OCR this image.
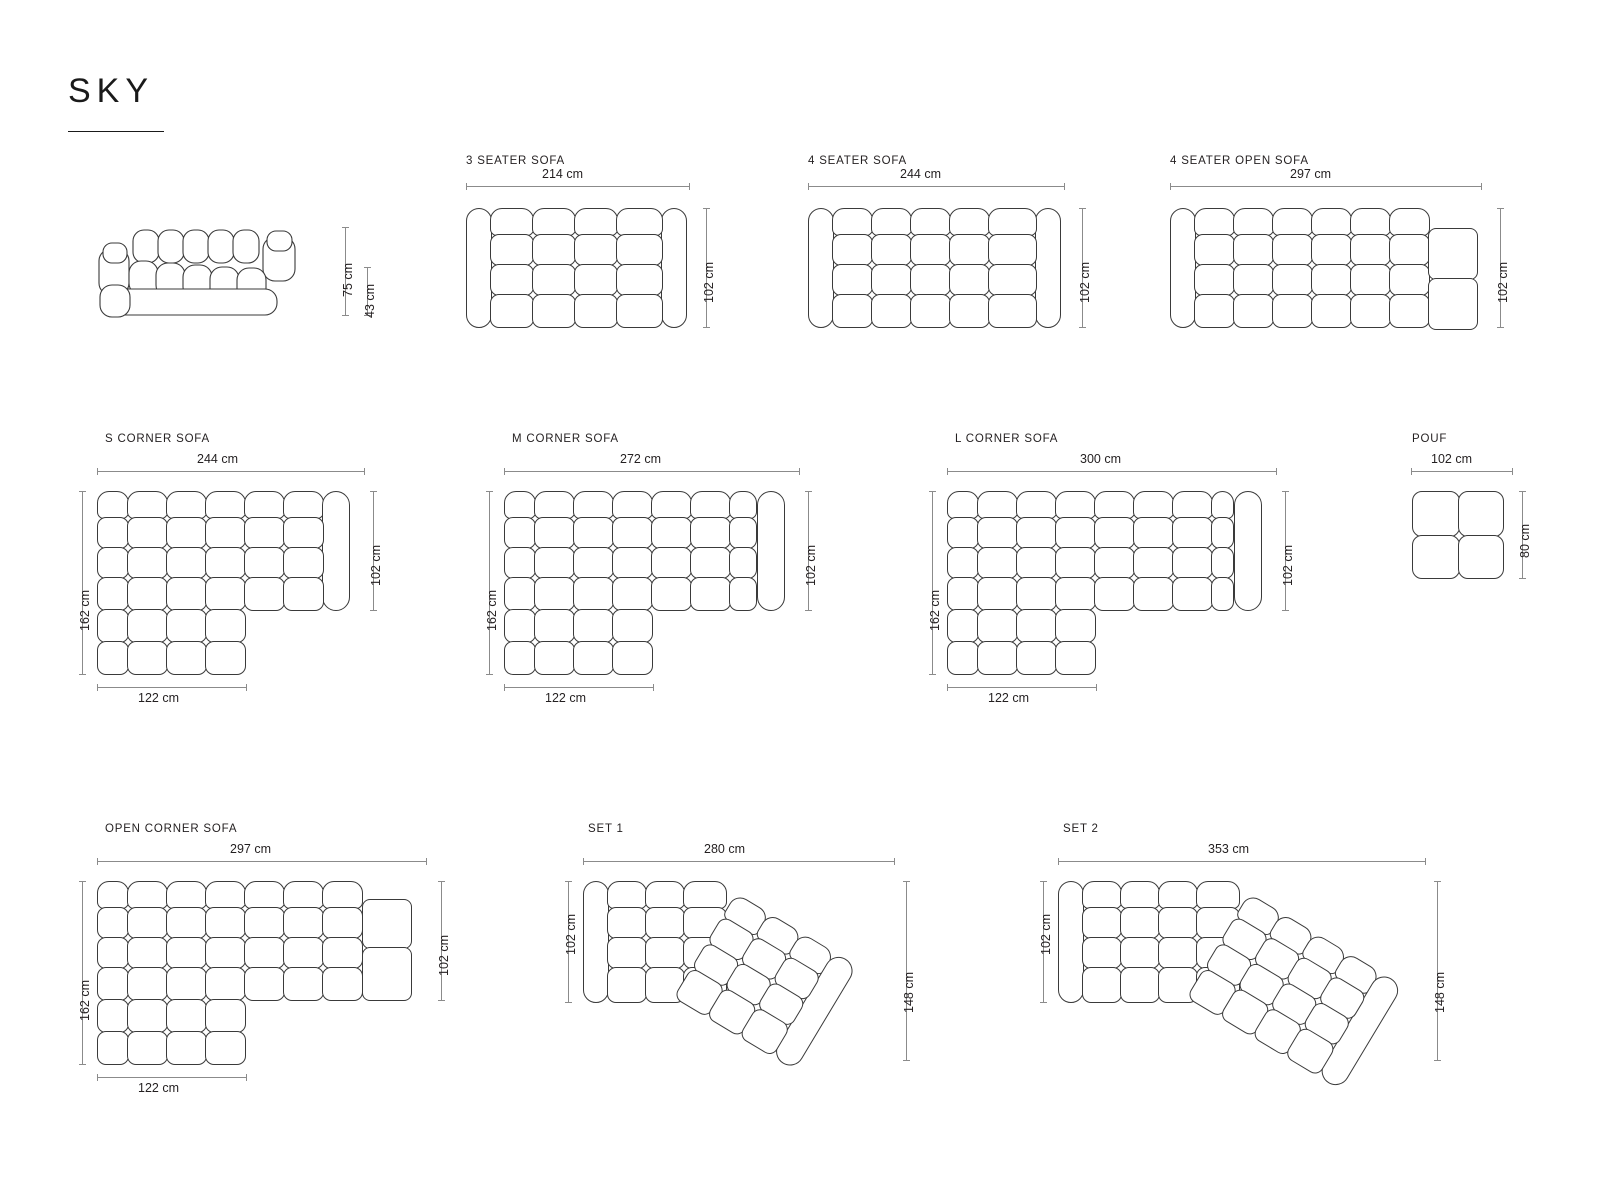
SKY
75 cm
43 cm
3 SEATER SOFA
214 cm
102 cm
4 SEATER SOFA
244 cm
102 cm
4 SEATER OPEN SOFA
297 cm
102 cm
S CORNER SOFA
244 cm
102 cm
162 cm
122 cm
M CORNER SOFA
272 cm
102 cm
162 cm
122 cm
L CORNER SOFA
300 cm
102 cm
162 cm
122 cm
POUF
102 cm
80 cm
OPEN CORNER SOFA
297 cm
102 cm
162 cm
122 cm
SET 1
280 cm
102 cm
148 cm
SET 2
353 cm
102 cm
148 cm
